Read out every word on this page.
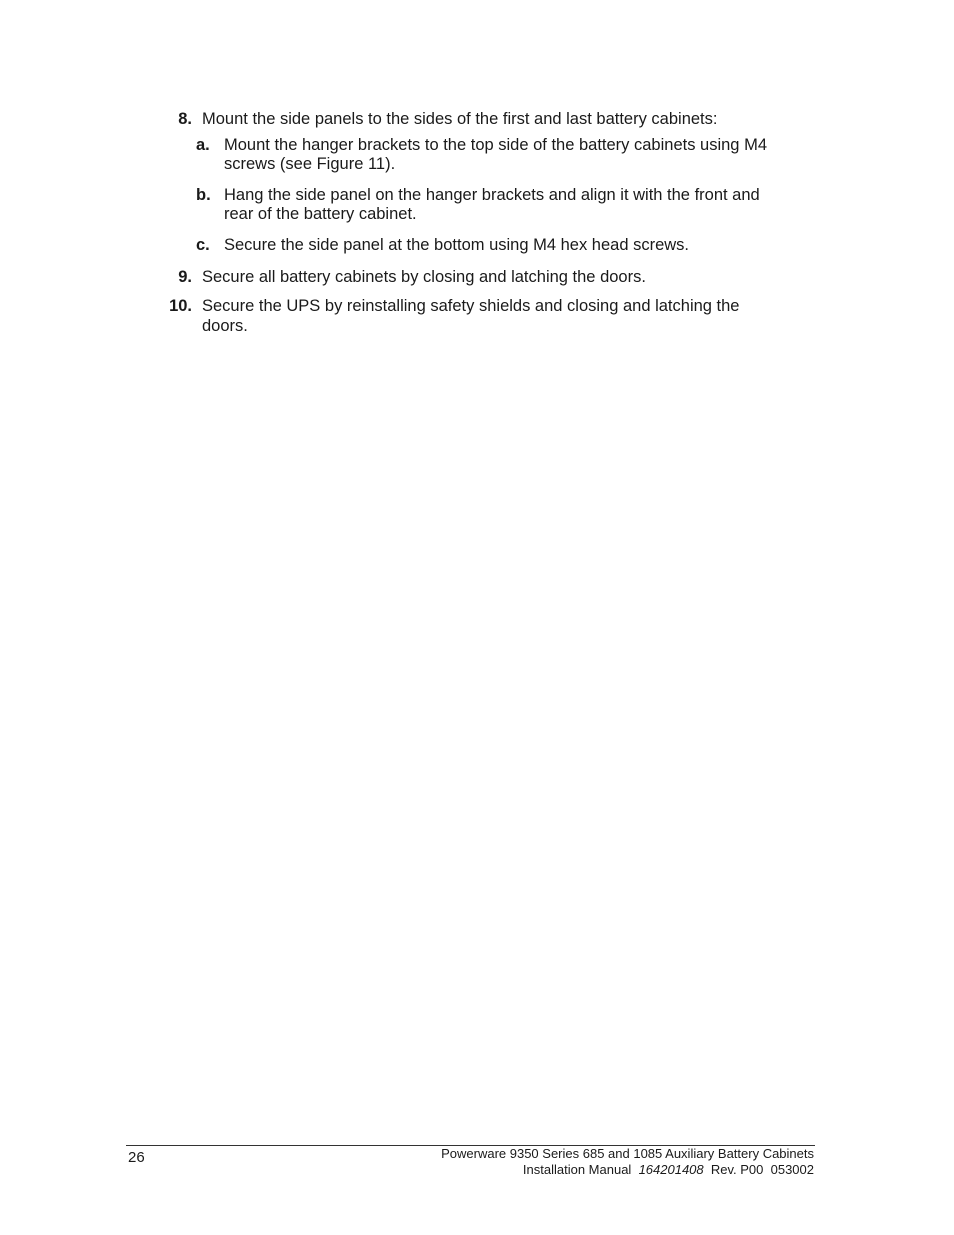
8. Mount the side panels to the sides of the first and last battery cabinets:
a. Mount the hanger brackets to the top side of the battery cabinets using M4 screws (see Figure 11).
b. Hang the side panel on the hanger brackets and align it with the front and rear of the battery cabinet.
c. Secure the side panel at the bottom using M4 hex head screws.
9. Secure all battery cabinets by closing and latching the doors.
10. Secure the UPS by reinstalling safety shields and closing and latching the doors.
26	Powerware 9350 Series 685 and 1085 Auxiliary Battery Cabinets
Installation Manual 164201408 Rev. P00  053002
